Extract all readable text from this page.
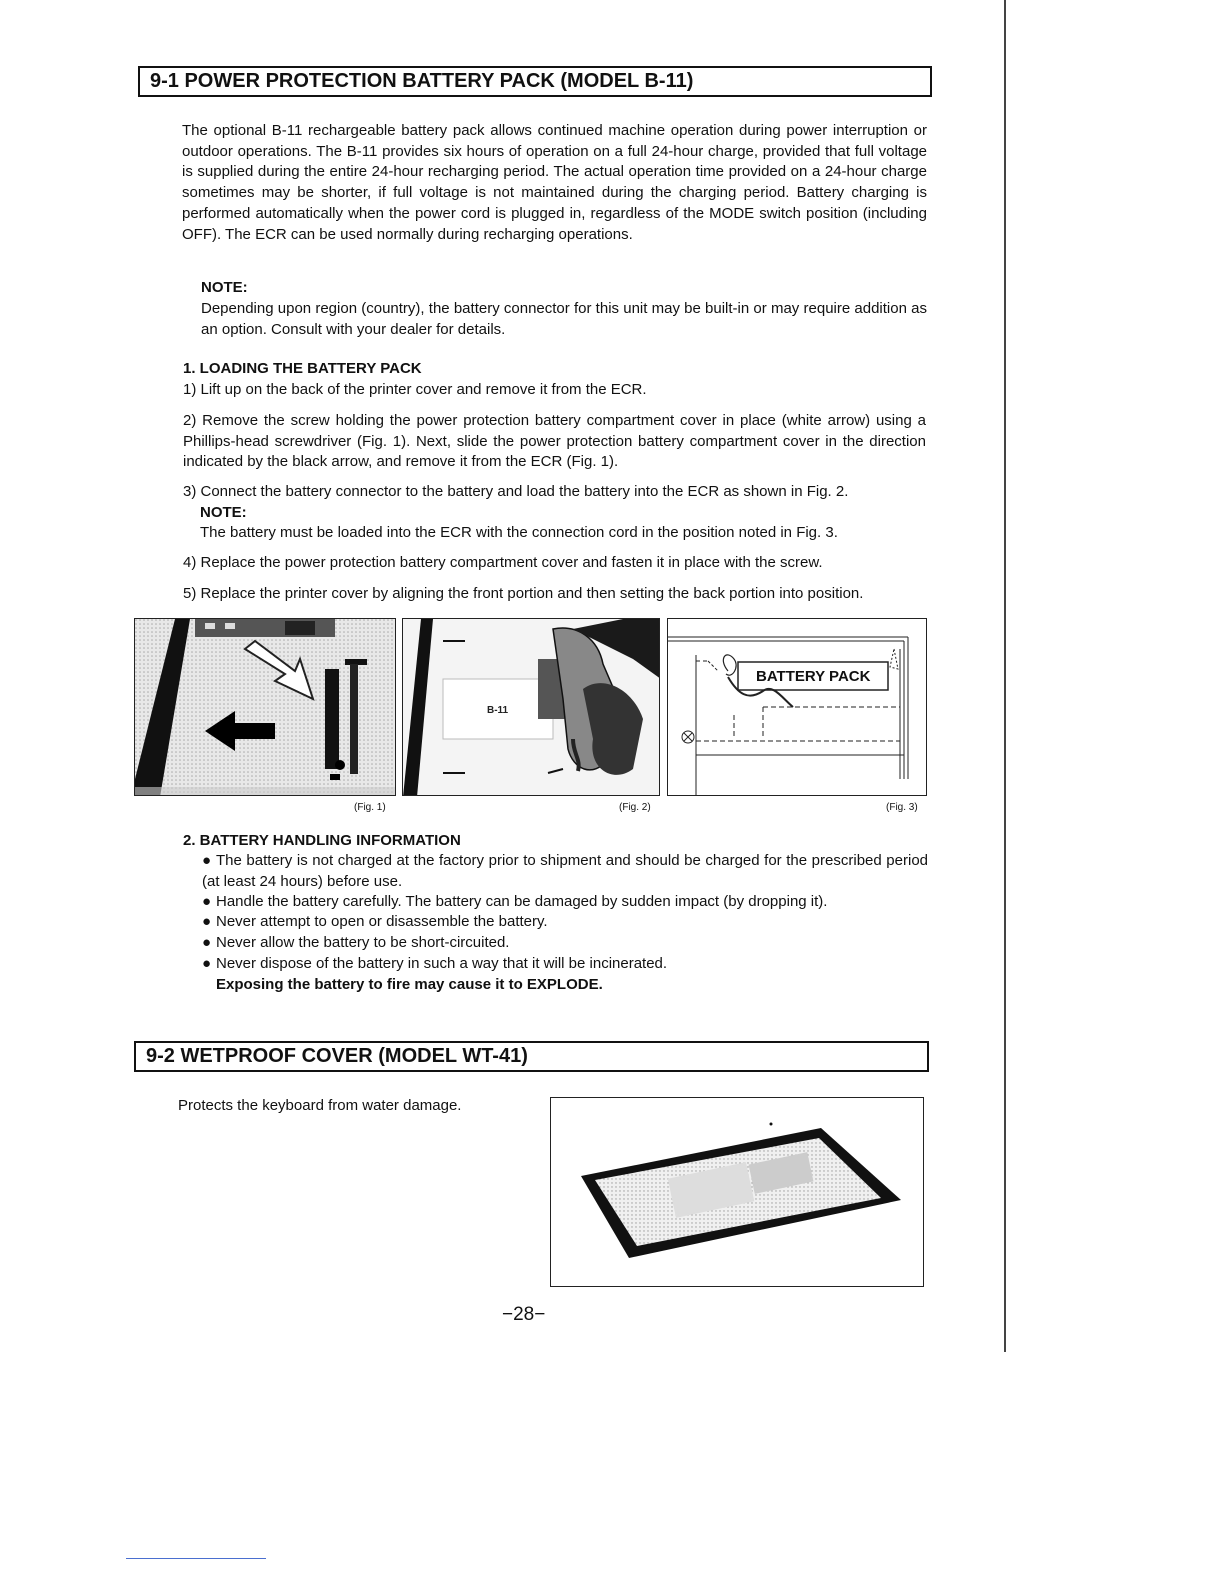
9-1 POWER PROTECTION BATTERY PACK (MODEL B-11)
The optional B-11 rechargeable battery pack allows continued machine operation during power interruption or outdoor operations. The B-11 provides six hours of operation on a full 24-hour charge, provided that full voltage is supplied during the entire 24-hour recharging period. The actual operation time provided on a 24-hour charge sometimes may be shorter, if full voltage is not maintained during the charging period. Battery charging is performed automatically when the power cord is plugged in, regardless of the MODE switch position (including OFF). The ECR can be used normally during recharging operations.
NOTE:
Depending upon region (country), the battery connector for this unit may be built-in or may require addition as an option. Consult with your dealer for details.
1. LOADING THE BATTERY PACK
1) Lift up on the back of the printer cover and remove it from the ECR.
2) Remove the screw holding the power protection battery compartment cover in place (white arrow) using a Phillips-head screwdriver (Fig. 1). Next, slide the power protection battery compartment cover in the direction indicated by the black arrow, and remove it from the ECR (Fig. 1).
3) Connect the battery connector to the battery and load the battery into the ECR as shown in Fig. 2.
NOTE:
The battery must be loaded into the ECR with the connection cord in the position noted in Fig. 3.
4) Replace the power protection battery compartment cover and fasten it in place with the screw.
5) Replace the printer cover by aligning the front portion and then setting the back portion into position.
(Fig. 1)
B-11
(Fig. 2)
BATTERY PACK
(Fig. 3)
2. BATTERY HANDLING INFORMATION
● The battery is not charged at the factory prior to shipment and should be charged for the prescribed period (at least 24 hours) before use.
● Handle the battery carefully. The battery can be damaged by sudden impact (by dropping it).
● Never attempt to open or disassemble the battery.
● Never allow the battery to be short-circuited.
● Never dispose of the battery in such a way that it will be incinerated.
Exposing the battery to fire may cause it to EXPLODE.
9-2 WETPROOF COVER (MODEL WT-41)
Protects the keyboard from water damage.
−28−
